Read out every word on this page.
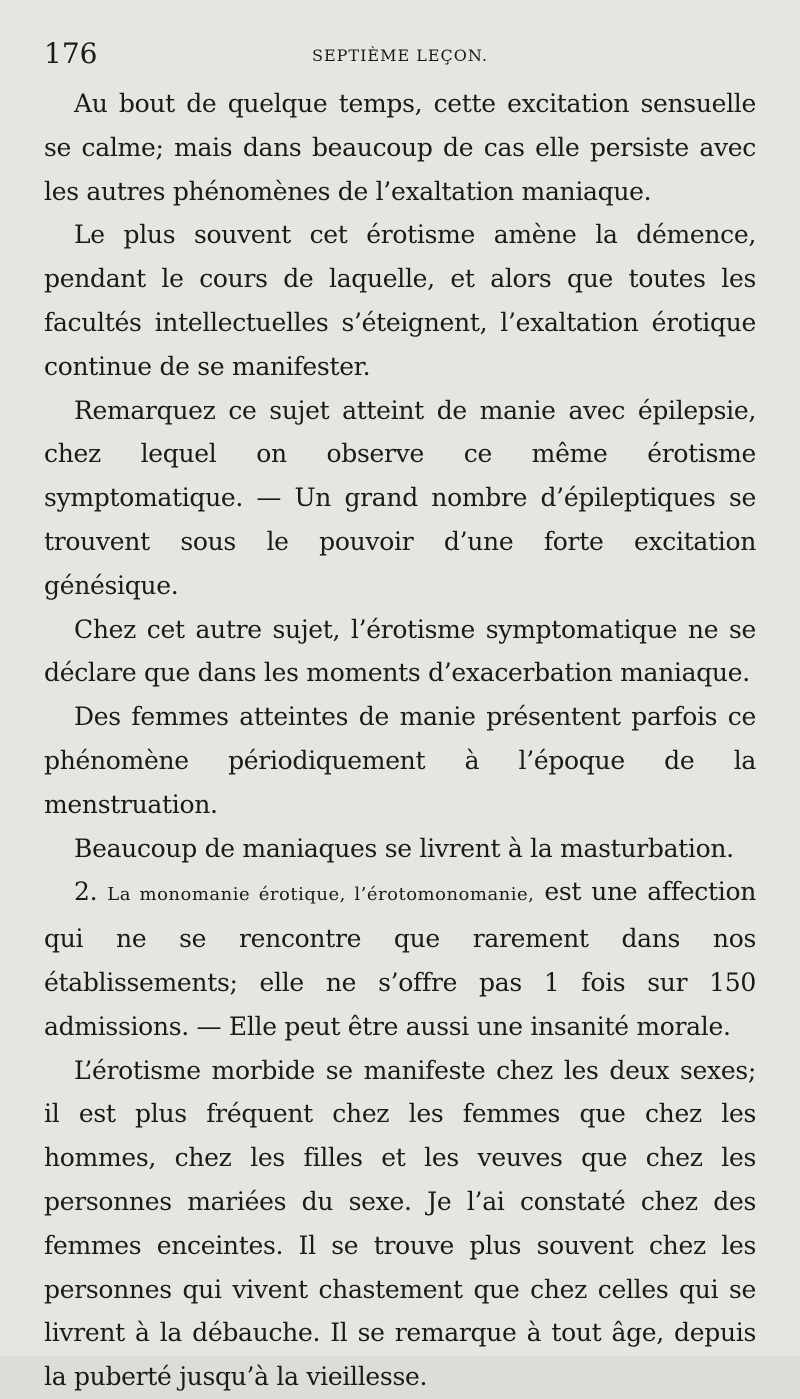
176	SEPTIÈME LEÇON.

Au bout de quelque temps, cette excitation sensuelle se calme; mais dans beaucoup de cas elle persiste avec les autres phénomènes de l’exaltation maniaque.

Le plus souvent cet érotisme amène la démence, pendant le cours de laquelle, et alors que toutes les facultés intellectuelles s’éteignent, l’exaltation érotique continue de se manifester.

Remarquez ce sujet atteint de manie avec épilepsie, chez lequel on observe ce même érotisme symptomatique. — Un grand nombre d’épileptiques se trouvent sous le pouvoir d’une forte excitation génésique.

Chez cet autre sujet, l’érotisme symptomatique ne se déclare que dans les moments d’exacerbation maniaque.

Des femmes atteintes de manie présentent parfois ce phénomène périodiquement à l’époque de la menstruation.

Beaucoup de maniaques se livrent à la masturbation.

2. La monomanie érotique, l’érotomonomanie, est une affection qui ne se rencontre que rarement dans nos établissements; elle ne s’offre pas 1 fois sur 150 admissions. — Elle peut être aussi une insanité morale.

L’érotisme morbide se manifeste chez les deux sexes; il est plus fréquent chez les femmes que chez les hommes, chez les filles et les veuves que chez les personnes mariées du sexe. Je l’ai constaté chez des femmes enceintes. Il se trouve plus souvent chez les personnes qui vivent chastement que chez celles qui se livrent à la débauche. Il se remarque à tout âge, depuis la puberté jusqu’à la vieillesse.
